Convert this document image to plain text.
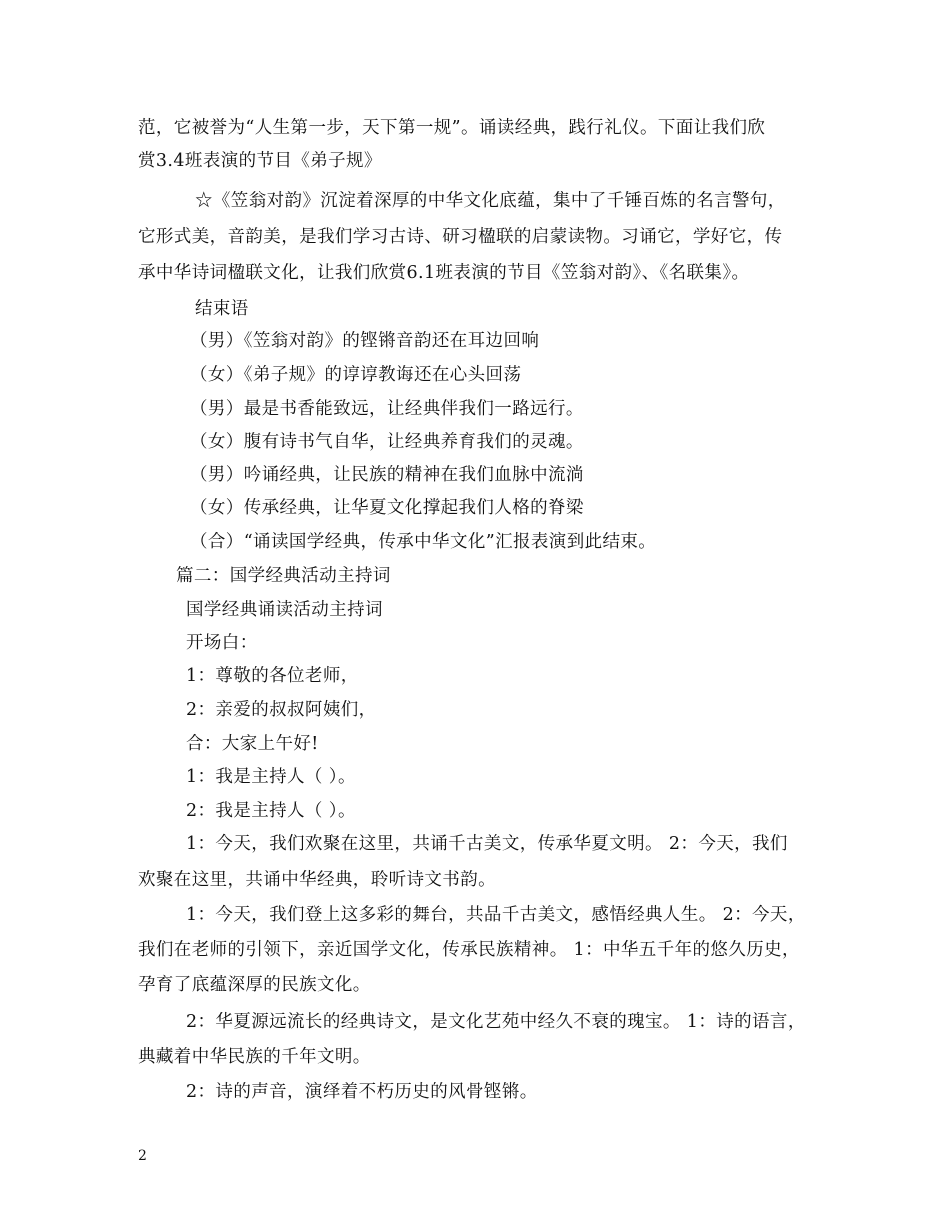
范，它被誉为“人生第一步，天下第一规”。诵读经典，践行礼仪。下面让我们欣
赏3.4班表演的节目《弟子规》
☆《笠翁对韵》沉淀着深厚的中华文化底蕴，集中了千锤百炼的名言警句，
它形式美，音韵美，是我们学习古诗、研习楹联的启蒙读物。习诵它，学好它，传
承中华诗词楹联文化，让我们欣赏6.1班表演的节目《笠翁对韵》、《名联集》。
结束语
（男）《笠翁对韵》的铿锵音韵还在耳边回响
（女）《弟子规》的谆谆教诲还在心头回荡
（男）最是书香能致远，让经典伴我们一路远行。
（女）腹有诗书气自华，让经典养育我们的灵魂。
（男）吟诵经典，让民族的精神在我们血脉中流淌
（女）传承经典，让华夏文化撑起我们人格的脊梁
（合）“诵读国学经典，传承中华文化”汇报表演到此结束。
篇二：国学经典活动主持词
国学经典诵读活动主持词
开场白：
1：尊敬的各位老师，
2：亲爱的叔叔阿姨们，
合：大家上午好!
1：我是主持人（ ）。
2：我是主持人（ ）。
1：今天，我们欢聚在这里，共诵千古美文，传承华夏文明。 2：今天，我们
欢聚在这里，共诵中华经典，聆听诗文书韵。
1：今天，我们登上这多彩的舞台，共品千古美文，感悟经典人生。 2：今天，
我们在老师的引领下，亲近国学文化，传承民族精神。 1：中华五千年的悠久历史，
孕育了底蕴深厚的民族文化。
2：华夏源远流长的经典诗文，是文化艺苑中经久不衰的瑰宝。 1：诗的语言，
典藏着中华民族的千年文明。
2：诗的声音，演绎着不朽历史的风骨铿锵。
2
